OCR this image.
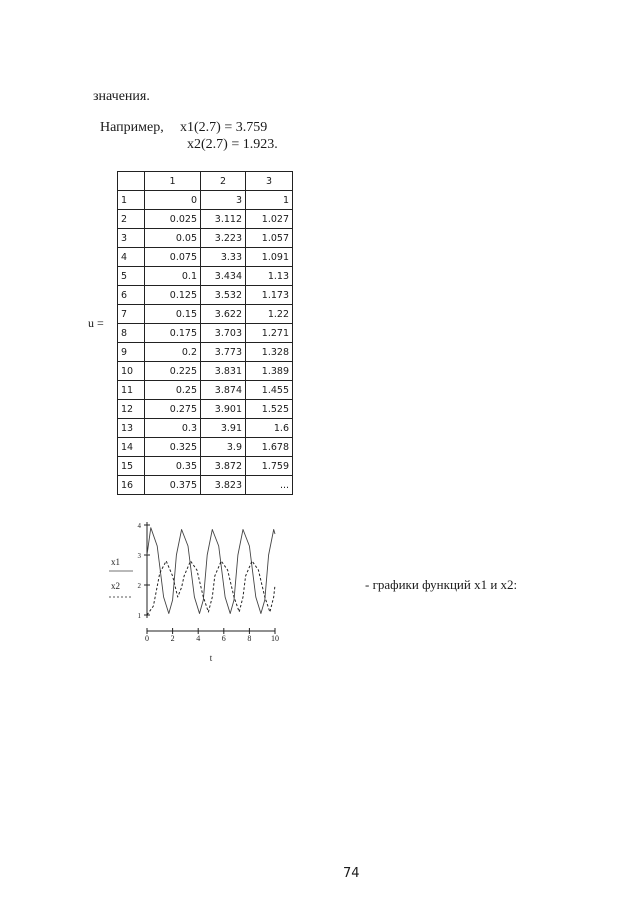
значения.
Например, x1(2.7) = 3.759
x2(2.7) = 1.923.
u =
	1	2	3
1	0	3	1
2	0.025	3.112	1.027
3	0.05	3.223	1.057
4	0.075	3.33	1.091
5	0.1	3.434	1.13
6	0.125	3.532	1.173
7	0.15	3.622	1.22
8	0.175	3.703	1.271
9	0.2	3.773	1.328
10	0.225	3.831	1.389
11	0.25	3.874	1.455
12	0.275	3.901	1.525
13	0.3	3.91	1.6
14	0.325	3.9	1.678
15	0.35	3.872	1.759
16	0.375	3.823	...
0	2	4	6	8 10
1
2
3
4
t
x1
x2	- графики функций x1 и x2:
74
